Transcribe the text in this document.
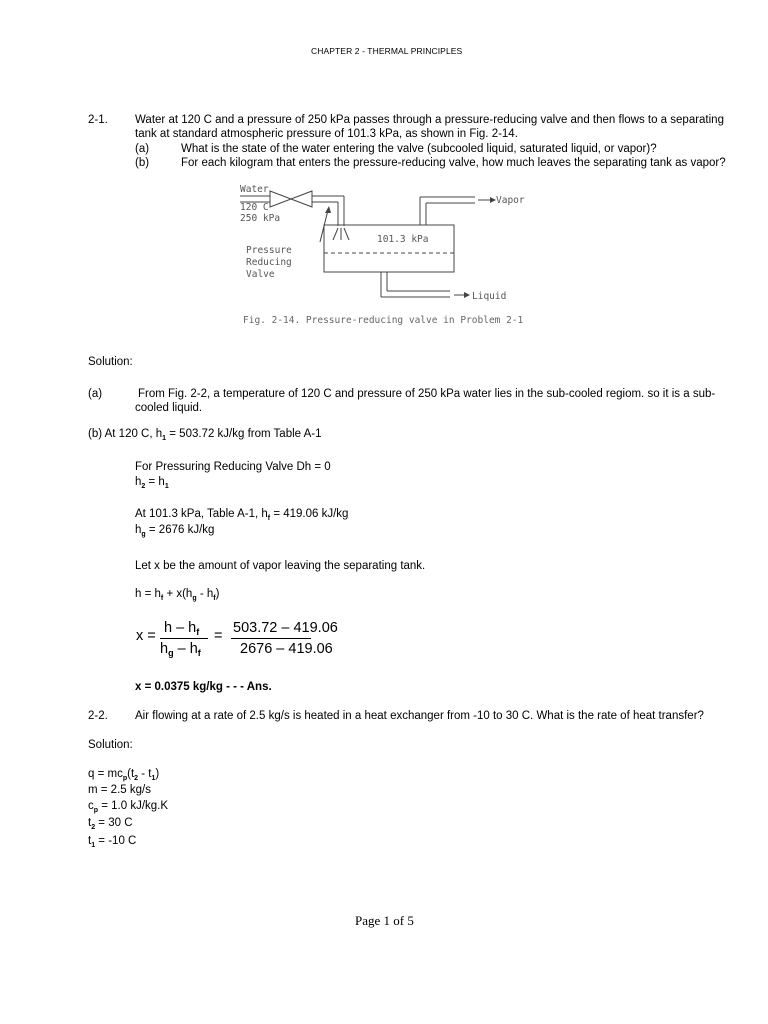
CHAPTER 2 - THERMAL PRINCIPLES
2-1. Water at 120 C and a pressure of 250 kPa passes through a pressure-reducing valve and then flows to a separating
tank at standard atmospheric pressure of 101.3 kPa, as shown in Fig. 2-14.
(a)	What is the state of the water entering the valve (subcooled liquid, saturated liquid, or vapor)?
(b)	For each kilogram that enters the pressure-reducing valve, how much leaves the separating tank as vapor?
Water
120 C
250 kPa
Pressure
Reducing
Valve
101.3 kPa
Vapor
Liquid
Fig. 2-14. Pressure-reducing valve in Problem 2-1
Solution:
(a)	From Fig. 2-2, a temperature of 120 C and pressure of 250 kPa water lies in the sub-cooled regiom. so it is a sub-
cooled liquid.
(b) At 120 C, $h_1 = 503.72$ kJ/kg from Table A-1
For Pressuring Reducing Valve Dh = 0
$h_2 = h_1$
At 101.3 kPa, Table A-1, $h_f = 419.06$ kJ/kg
$h_g = 2676$ kJ/kg
Let x be the amount of vapor leaving the separating tank.
$h = h_f + x(h_g - h_f)$
$x = h - h_f$
$h_g - h_f$
= 503.72 – 419.06
2676 – 419.06
x = 0.0375 kg/kg - - - Ans.
2-2. Air flowing at a rate of 2.5 kg/s is heated in a heat exchanger from -10 to 30 C. What is the rate of heat transfer?
Solution:
$q = mc_p(t_2 - t_1)$
m = 2.5 kg/s
$c_p = 1.0$ kJ/kg.K
$t_2 = 30$ C
$t_1 = -10$ C
Page 1 of 5
